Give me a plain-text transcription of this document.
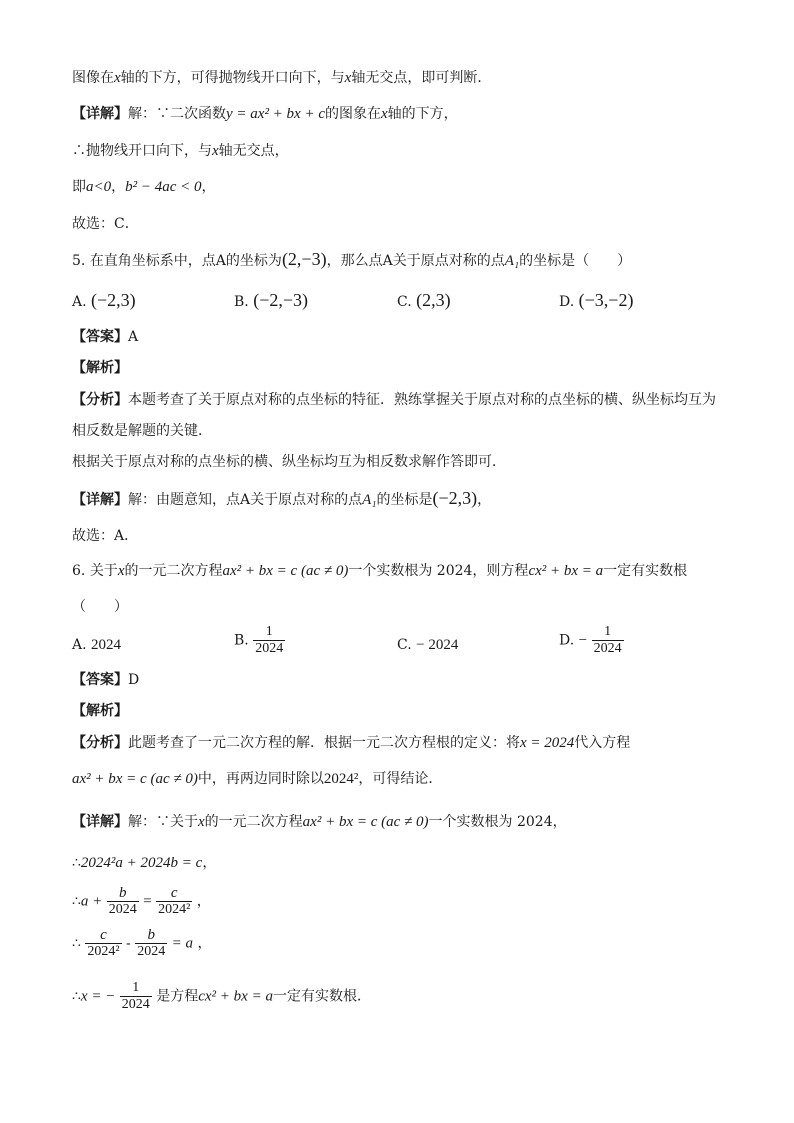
图像在x轴的下方，可得抛物线开口向下，与x轴无交点，即可判断．
【详解】解：∵二次函数y = ax² + bx + c的图象在x轴的下方，
∴抛物线开口向下，与x轴无交点，
即a<0，b² − 4ac < 0，
故选：C．
5. 在直角坐标系中，点A的坐标为(2,−3)，那么点A关于原点对称的点A₁的坐标是（　　）
A. (−2,3)	B. (−2,−3)	C. (2,3)	D. (−3,−2)
【答案】A
【解析】
【分析】本题考查了关于原点对称的点坐标的特征．熟练掌握关于原点对称的点坐标的横、纵坐标均互为
相反数是解题的关键．
根据关于原点对称的点坐标的横、纵坐标均互为相反数求解作答即可．
【详解】解：由题意知，点A关于原点对称的点A₁的坐标是(−2,3)，
故选：A．
6. 关于x的一元二次方程ax² + bx = c (ac ≠ 0)一个实数根为 2024，则方程cx² + bx = a一定有实数根
（　　）
A. 2024	B. $\frac{1}{2024}$	C. − 2024	D. − $\frac{1}{2024}$
【答案】D
【解析】
【分析】此题考查了一元二次方程的解．根据一元二次方程根的定义：将x = 2024代入方程
ax² + bx = c (ac ≠ 0)中，再两边同时除以2024²，可得结论．
【详解】解：∵关于x的一元二次方程ax² + bx = c (ac ≠ 0)一个实数根为 2024，
∴2024²a + 2024b = c，
∴a + $\frac{b}{2024} = \frac{c}{\text{2024²}}$ ，
∴ $\frac{c}{\text{2024²}} - \frac{b}{2024} = a$ ，
∴x = − $\frac{1}{2024}$ 是方程cx² + bx = a一定有实数根．
